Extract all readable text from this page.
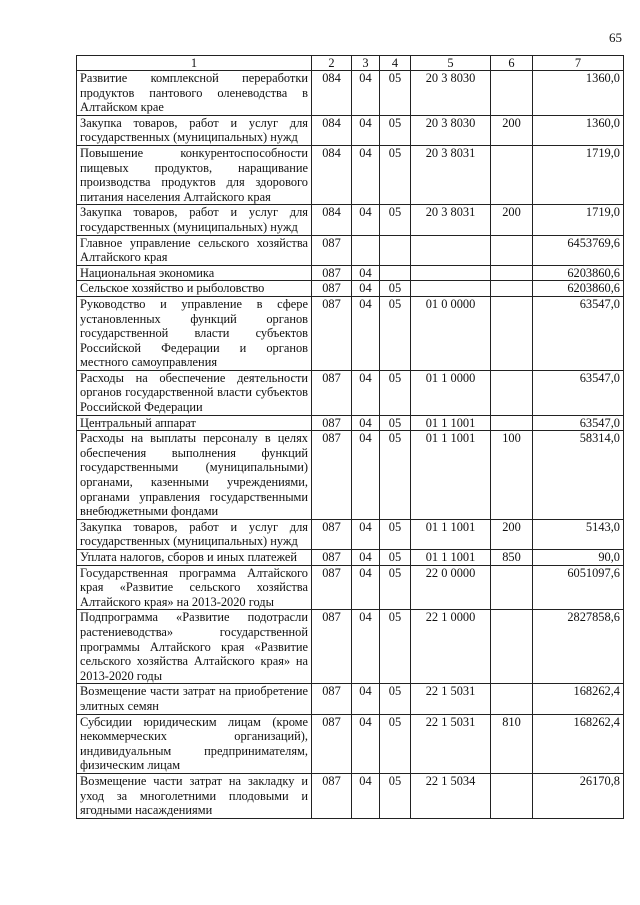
65
1	2	3	4	5	6	7
Развитие комплексной переработки продуктов пантового оленеводства в Алтайском крае	084	04	05	20 3 8030		1360,0
Закупка товаров, работ и услуг для государственных (муниципальных) нужд	084	04	05	20 3 8030	200	1360,0
Повышение конкурентоспособности пищевых продуктов, наращивание производства продуктов для здорового питания населения Алтайского края	084	04	05	20 3 8031		1719,0
Закупка товаров, работ и услуг для государственных (муниципальных) нужд	084	04	05	20 3 8031	200	1719,0
Главное управление сельского хозяйства Алтайского края	087					6453769,6
Национальная экономика	087	04				6203860,6
Сельское хозяйство и рыболовство	087	04	05			6203860,6
Руководство и управление в сфере установленных функций органов государственной власти субъектов Российской Федерации и органов местного самоуправления	087	04	05	01 0 0000		63547,0
Расходы на обеспечение деятельности органов государственной власти субъектов Российской Федерации	087	04	05	01 1 0000		63547,0
Центральный аппарат	087	04	05	01 1 1001		63547,0
Расходы на выплаты персоналу в целях обеспечения выполнения функций государственными (муниципальными) органами, казенными учреждениями, органами управления государственными внебюджетными фондами	087	04	05	01 1 1001	100	58314,0
Закупка товаров, работ и услуг для государственных (муниципальных) нужд	087	04	05	01 1 1001	200	5143,0
Уплата налогов, сборов и иных платежей	087	04	05	01 1 1001	850	90,0
Государственная программа Алтайского края «Развитие сельского хозяйства Алтайского края» на 2013-2020 годы	087	04	05	22 0 0000		6051097,6
Подпрограмма «Развитие подотрасли растениеводства» государственной программы Алтайского края «Развитие сельского хозяйства Алтайского края» на 2013-2020 годы	087	04	05	22 1 0000		2827858,6
Возмещение части затрат на приобретение элитных семян	087	04	05	22 1 5031		168262,4
Субсидии юридическим лицам (кроме некоммерческих организаций), индивидуальным предпринимателям, физическим лицам	087	04	05	22 1 5031	810	168262,4
Возмещение части затрат на закладку и уход за многолетними плодовыми и ягодными насаждениями	087	04	05	22 1 5034		26170,8
